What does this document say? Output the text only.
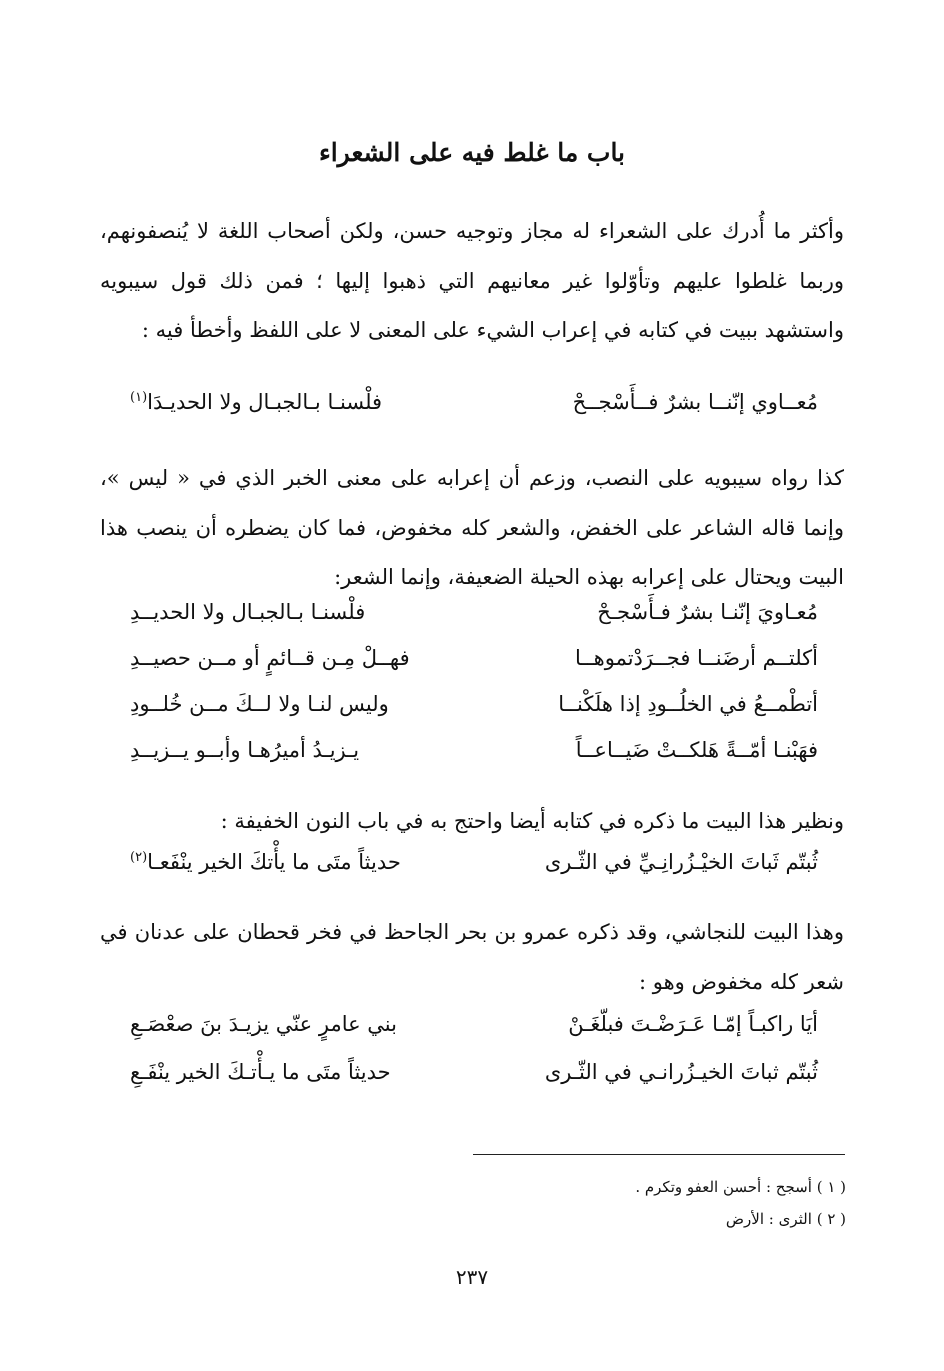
باب ما غلط فيه على الشعراء
وأكثر ما أُدرك على الشعراء له مجاز وتوجيه حسن، ولكن أصحاب اللغة لا يُنصفونهم، وربما غلطوا عليهم وتأوّلوا غير معانيهم التي ذهبوا إليها ؛ فمن ذلك قول سيبويه واستشهد ببيت في كتابه في إعراب الشيء على المعنى لا على اللفظ وأخطأ فيه :
مُعــاوي إنّنــا بشرٌ فــأَسْجــحْ
فلْسنـا بـالجبـال ولا الحديـدَا$^{(١)}$
كذا رواه سيبويه على النصب، وزعم أن إعرابه على معنى الخبر الذي في « ليس »، وإنما قاله الشاعر على الخفض، والشعر كله مخفوض، فما كان يضطره أن ينصب هذا البيت ويحتال على إعرابه بهذه الحيلة الضعيفة، وإنما الشعر:
مُعـاويَ إنّنـا بشرٌ فـأَسْجـحْ
فلْسنـا بـالجبـال ولا الحديــدِ
أكلتــم أرضَنــا فجــرَدْتموهــا
فهــلْ مِـن قــائمٍ أو مــن حصيــدِ
أتطْمــعُ في الخلُــودِ إذا هلَكْنــا
وليس لنـا ولا لــكَ مــن خُلــودِ
فهَبْنـا أمّــةً هَلكــتْ ضَيــاعــاً
يـزيـدُ أميرُهـا وأبــو يــزيــدِ
ونظير هذا البيت ما ذكره في كتابه أيضا واحتج به في باب النون الخفيفة :
ثُبتّم ثَباتَ الخيْـزُرانِـيِّ في الثّـرى
حديثاً متَى ما يأْتكَ الخير ينْفَعـا$^{(٢)}$
وهذا البيت للنجاشي، وقد ذكره عمرو بن بحر الجاحظ في فخر قحطان على عدنان في شعر كله مخفوض وهو :
أيَا راكبـاً إمّـا عَـرَضْـتَ فبلّغَـنْ
بني عامرٍ عنّي يزيـدَ بنَ صعْصَـعِ
ثُبتّم ثباتَ الخيـزُرانـي في الثّـرى
حديثاً متَى ما يـأْتـكَ الخير ينْفَـعِ
( ١ ) أسجح : أحسن العفو وتكرم .
( ٢ ) الثرى : الأرض
٢٣٧
